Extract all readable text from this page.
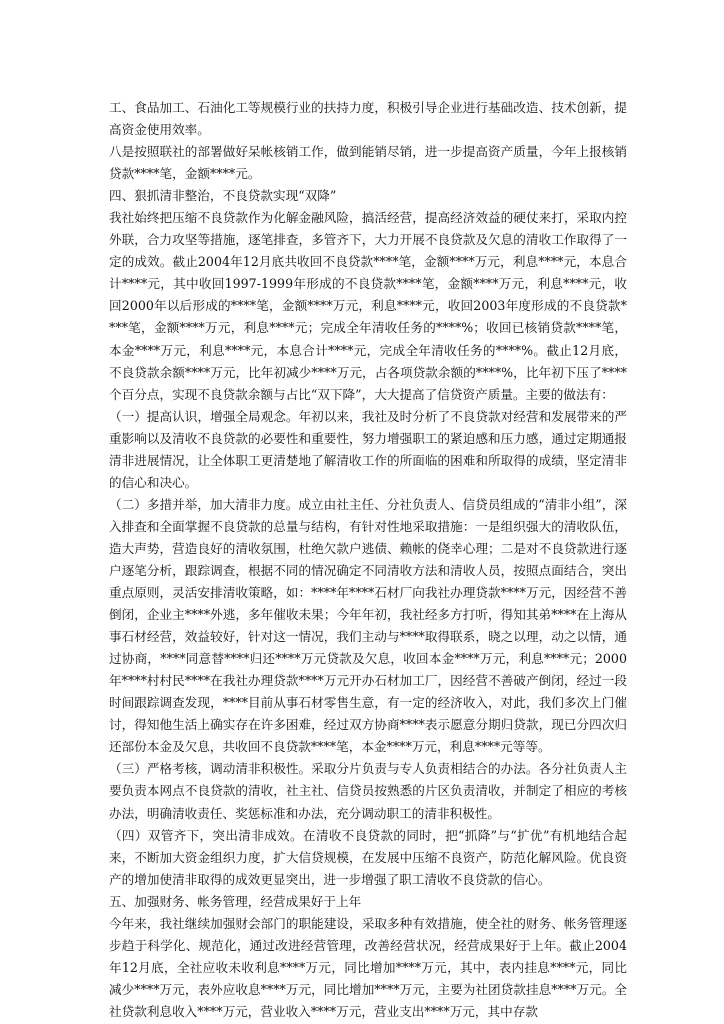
工、食品加工、石油化工等规模行业的扶持力度，积极引导企业进行基础改造、技术创新，提高资金使用效率。

八是按照联社的部署做好呆帐核销工作，做到能销尽销，进一步提高资产质量，今年上报核销贷款****笔，金额****元。

四、狠抓清非整治，不良贷款实现“双降”

我社始终把压缩不良贷款作为化解金融风险，搞活经营，提高经济效益的硬仗来打，采取内控外联，合力攻坚等措施，逐笔排查，多管齐下，大力开展不良贷款及欠息的清收工作取得了一定的成效。截止2004年12月底共收回不良贷款****笔，金额****万元，利息****元，本息合计****元，其中收回1997-1999年形成的不良贷款****笔，金额****万元，利息****元，收回2000年以后形成的****笔，金额****万元，利息****元，收回2003年度形成的不良贷款****笔，金额****万元，利息****元；完成全年清收任务的****%；收回已核销贷款****笔，本金****万元，利息****元，本息合计****元，完成全年清收任务的****%。截止12月底，不良贷款余额****万元，比年初减少****万元，占各项贷款余额的****%，比年初下压了****个百分点，实现不良贷款余额与占比“双下降”，大大提高了信贷资产质量。主要的做法有：

（一）提高认识，增强全局观念。年初以来，我社及时分析了不良贷款对经营和发展带来的严重影响以及清收不良贷款的必要性和重要性，努力增强职工的紧迫感和压力感，通过定期通报清非进展情况，让全体职工更清楚地了解清收工作的所面临的困难和所取得的成绩，坚定清非的信心和决心。

（二）多措并举，加大清非力度。成立由社主任、分社负责人、信贷员组成的“清非小组”，深入排查和全面掌握不良贷款的总量与结构，有针对性地采取措施：一是组织强大的清收队伍，造大声势，营造良好的清收氛围，杜绝欠款户逃债、赖帐的侥幸心理；二是对不良贷款进行逐户逐笔分析，跟踪调查，根据不同的情况确定不同清收方法和清收人员，按照点面结合，突出重点原则，灵活安排清收策略，如：****年****石材厂向我社办理贷款****万元，因经营不善倒闭，企业主****外逃，多年催收未果；今年年初，我社经多方打听，得知其弟****在上海从事石材经营，效益较好，针对这一情况，我们主动与****取得联系，晓之以理，动之以情，通过协商，****同意替****归还****万元贷款及欠息，收回本金****万元，利息****元；2000年****村村民****在我社办理贷款****万元开办石材加工厂，因经营不善破产倒闭，经过一段时间跟踪调查发现，****目前从事石材零售生意，有一定的经济收入，对此，我们多次上门催讨，得知他生活上确实存在许多困难，经过双方协商****表示愿意分期归贷款，现已分四次归还部份本金及欠息，共收回不良贷款****笔，本金****万元，利息****元等等。

（三）严格考核，调动清非积极性。采取分片负责与专人负责相结合的办法。各分社负责人主要负责本网点不良贷款的清收，社主社、信贷员按熟悉的片区负责清收，并制定了相应的考核办法，明确清收责任、奖惩标准和办法，充分调动职工的清非积极性。

（四）双管齐下，突出清非成效。在清收不良贷款的同时，把“抓降”与“扩优”有机地结合起来，不断加大资金组织力度，扩大信贷规模，在发展中压缩不良资产，防范化解风险。优良资产的增加使清非取得的成效更显突出，进一步增强了职工清收不良贷款的信心。

五、加强财务、帐务管理，经营成果好于上年

今年来，我社继续加强财会部门的职能建设，采取多种有效措施，使全社的财务、帐务管理逐步趋于科学化、规范化，通过改进经营管理，改善经营状况，经营成果好于上年。截止2004年12月底，全社应收未收利息****万元，同比增加****万元，其中，表内挂息****元，同比减少****万元，表外应收息****万元，同比增加****万元，主要为社团贷款挂息****万元。全社贷款利息收入****万元，营业收入****万元，营业支出****万元，其中存款
